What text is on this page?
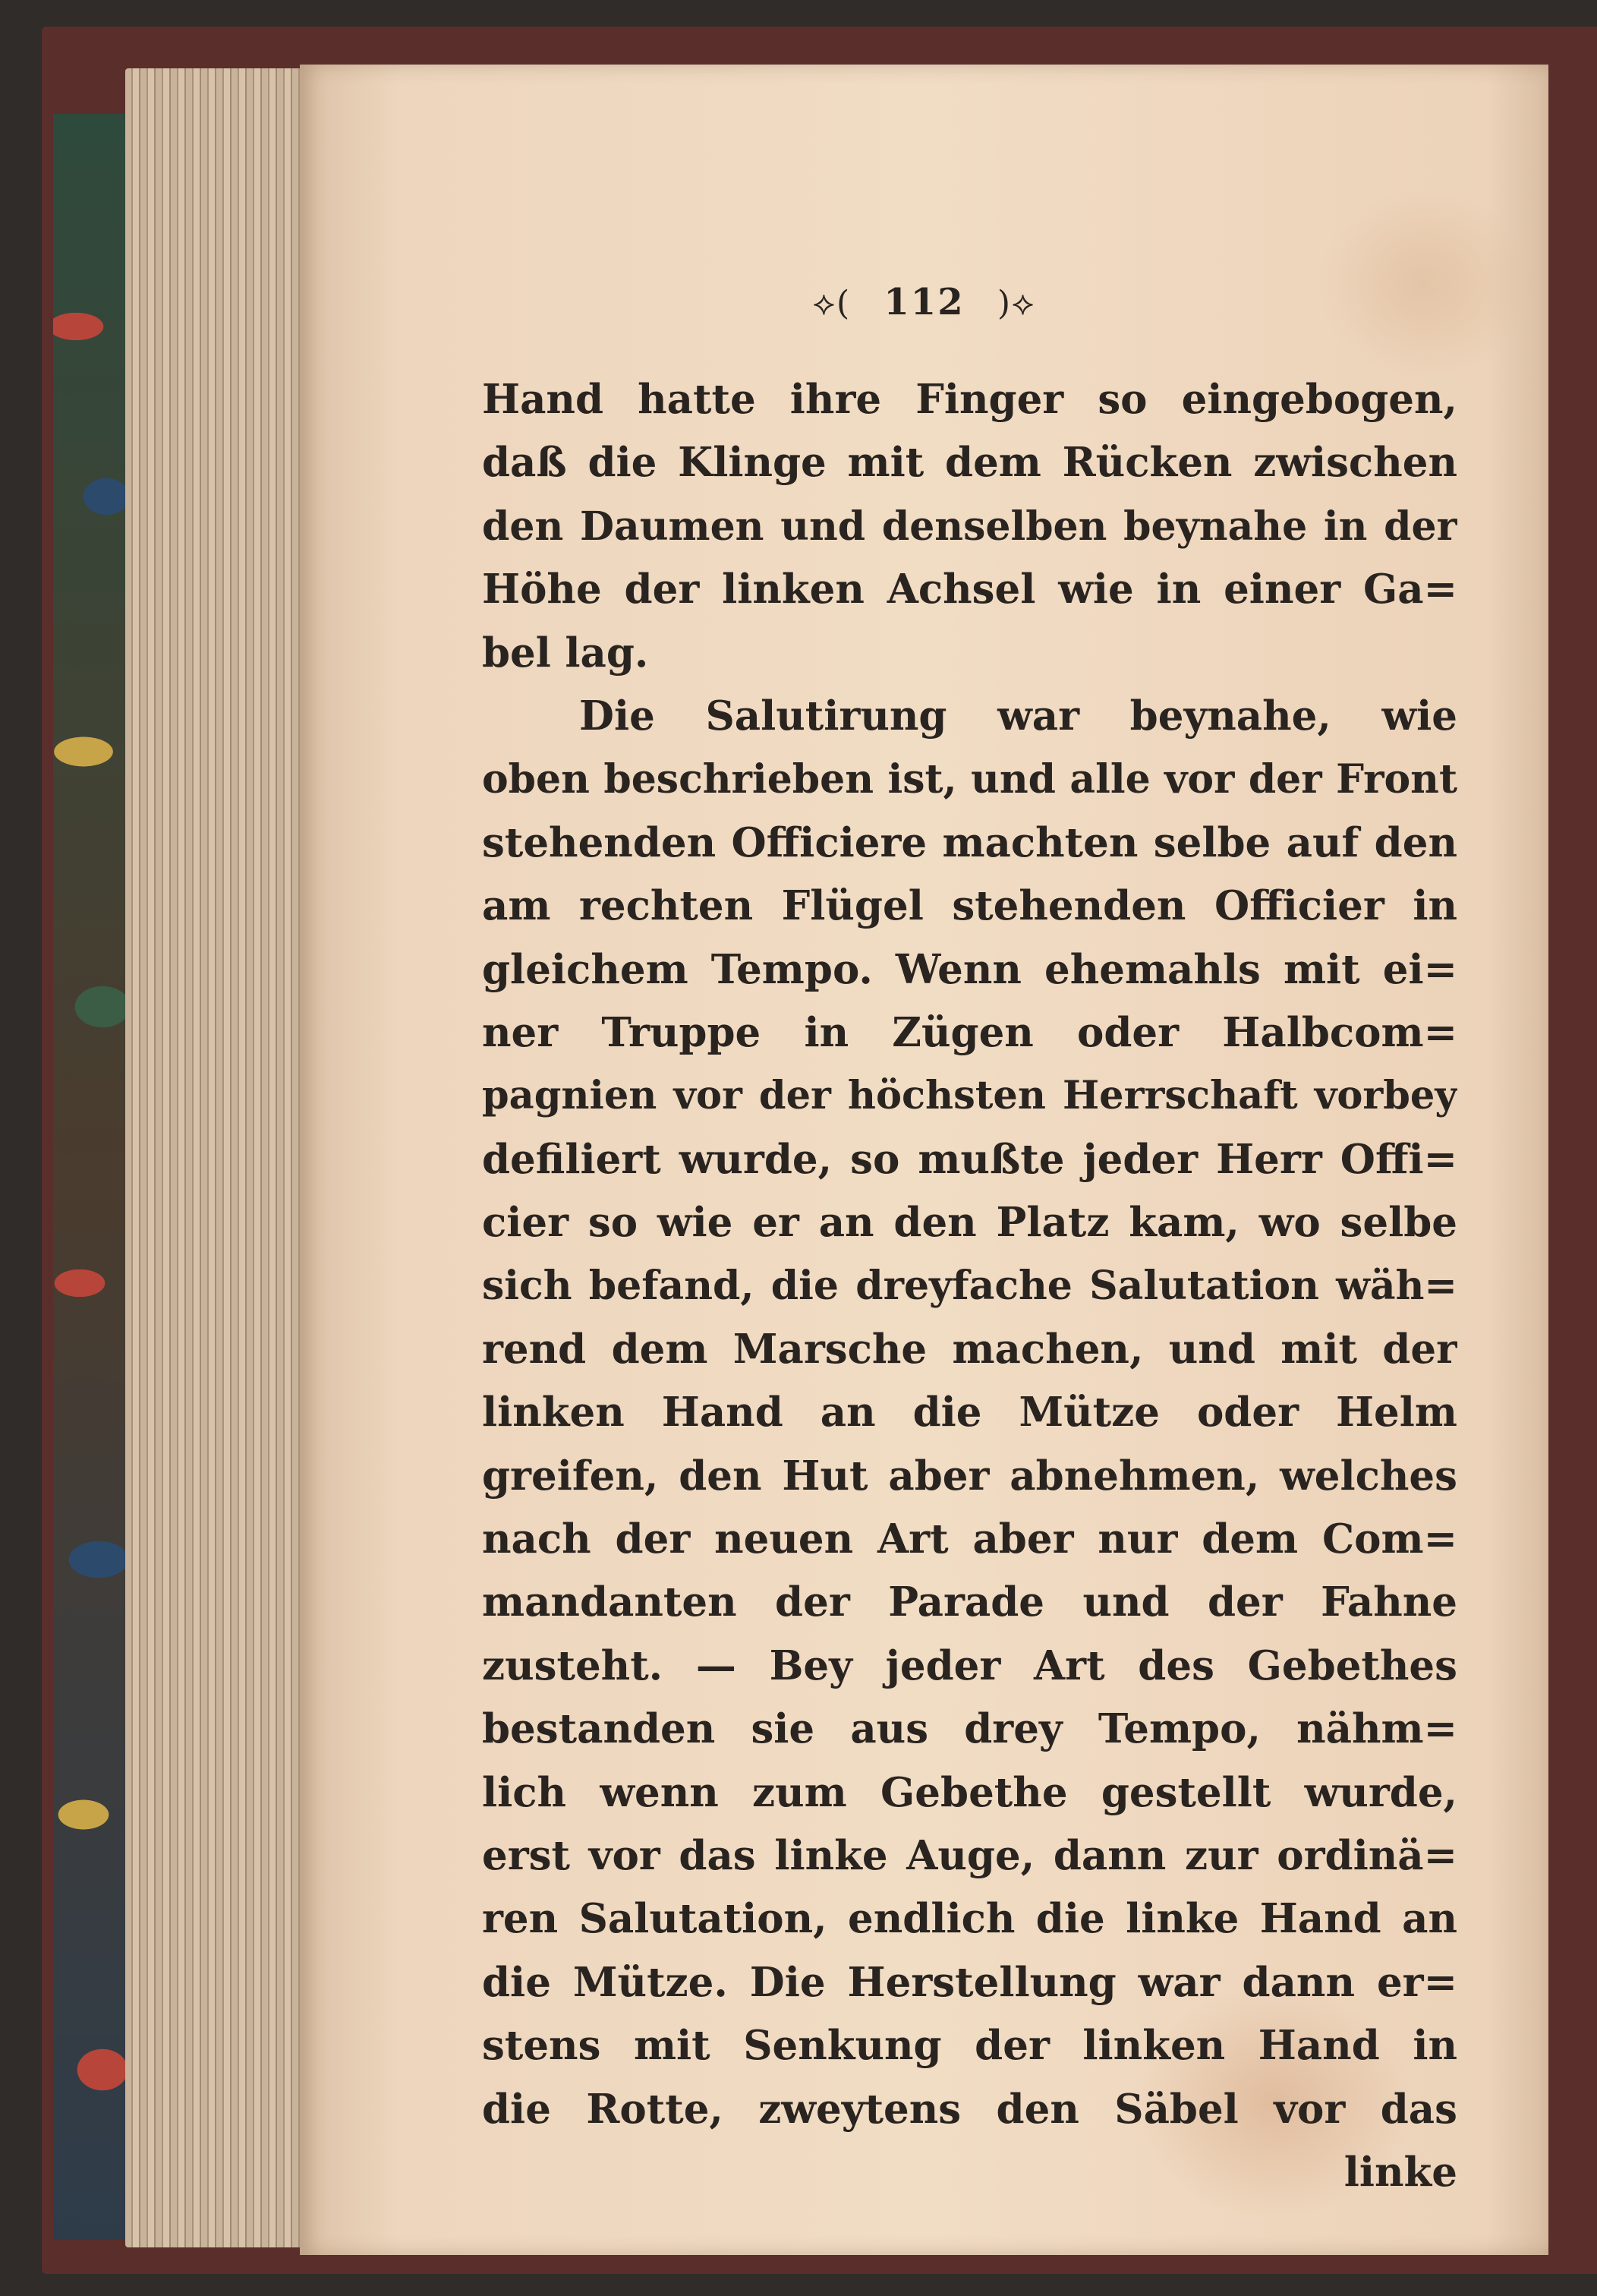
⟡( 112 )⟡
Hand hatte ihre Finger so eingebogen,
daß die Klinge mit dem Rücken zwischen
den Daumen und denselben beynahe in der
Höhe der linken Achsel wie in einer Ga=
bel lag.
Die Salutirung war beynahe, wie
oben beschrieben ist, und alle vor der Front
stehenden Officiere machten selbe auf den
am rechten Flügel stehenden Officier in
gleichem Tempo. Wenn ehemahls mit ei=
ner Truppe in Zügen oder Halbcom=
pagnien vor der höchsten Herrschaft vorbey
defiliert wurde, so mußte jeder Herr Offi=
cier so wie er an den Platz kam, wo selbe
sich befand, die dreyfache Salutation wäh=
rend dem Marsche machen, und mit der
linken Hand an die Mütze oder Helm
greifen, den Hut aber abnehmen, welches
nach der neuen Art aber nur dem Com=
mandanten der Parade und der Fahne
zusteht. — Bey jeder Art des Gebethes
bestanden sie aus drey Tempo, nähm=
lich wenn zum Gebethe gestellt wurde,
erst vor das linke Auge, dann zur ordinä=
ren Salutation, endlich die linke Hand an
die Mütze. Die Herstellung war dann er=
stens mit Senkung der linken Hand in
die Rotte, zweytens den Säbel vor das
linke
